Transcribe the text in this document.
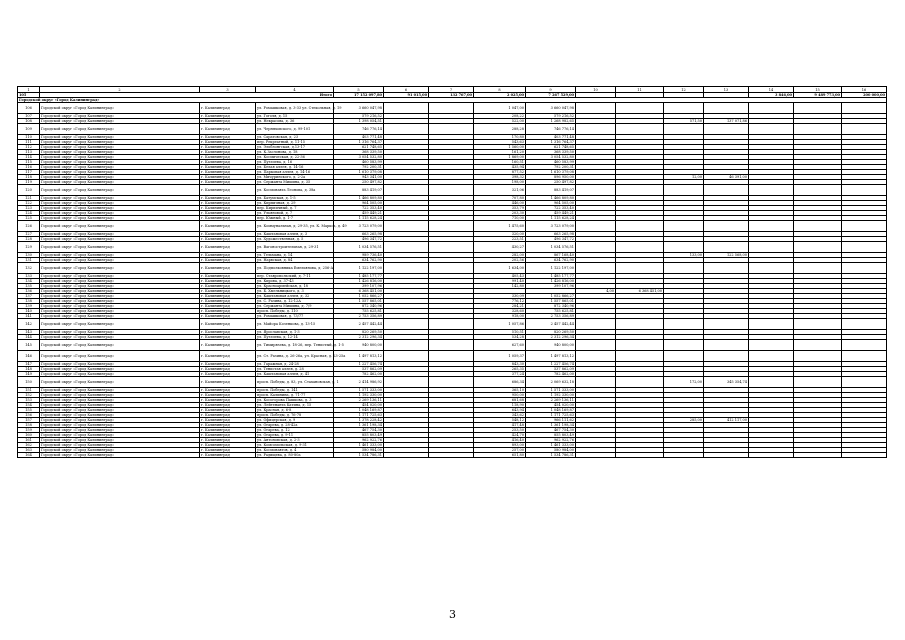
1	2	3	4	5	6	7	8	9	10	11	12	13	14	15	16
105	Итого			17 152 097,80	91 015,00	132 767,00	2 025,00	7 267 529,00					3 846,00	9 489 773,00	200 000,00
Городской округ «Город Калининград»															
106	Городской округ «Город Калининград»	г. Калининград	ул. Ромашковая, д. 3-33 ул. Стекольная, д. 19	3 660 047,98			1 047,00	3 660 047,98							
107	Городской округ «Город Калининград»	г. Калининград	ул. Гоголя, д. 15	579 216,52			208,22	579 216,52							
108	Городской округ «Город Калининград»	г. Калининград	ул. Некрасова, д. 36	1 398 054,51			522,00	1 268 982,65			571,50	137 071,86			
109	Городской округ «Город Калининград»	г. Калининград	ул. Черняховского, д. 99-101	746 776,14			288,28	746 776,14							
110	Городской округ «Город Калининград»	г. Калининград	ул. Саратовская, д. 23	403 771,48			170,80	403 771,48							
111	Городской округ «Город Калининград»	г. Калининград	пер. Рекреатный, д. 11-15	1 316 764,37			543,63	1 316 764,37							
112	Городской округ «Город Калининград»	г. Калининград	ул. Эльблонгская, д.13-17	621 748,65			1 560,00	621 748,65							
113	Городской округ «Город Калининград»	г. Калининград	ул. К.Заслонова, д. 18	368 339,50			161,20	368 339,50							
114	Городской округ «Город Калининград»	г. Калининград	ул. Космическая, д. 22-36	3 054 532,80			1 869,00	3 054 532,80							
115	Городской округ «Город Калининград»	г. Калининград	ул. Пугачева, д. 16	460 583,99			160,51	460 583,99							
116	Городской округ «Город Калининград»	г. Калининград	ул. Белая аллея, д. 14-16	792 200,31			435,94	792 200,31							
117	Городской округ «Город Калининград»	г. Калининград	ул. Парковая аллея, д. 14-16	1 610 379,08			877,52	1 610 379,08							
118	Городской округ «Город Калининград»	г. Калининград	ул. Мичуринского, д. 2-2а	943 341,00			398,32	896 950,00			12,00	46 391,00			
119	Городской округ «Город Калининград»	г. Калининград	ул. Сержанта Мишина, д. 35	250 497,82			198,00	250 497,82							
120	Городской округ «Город Калининград»	г. Калининград	ул. Космонавта Леонова, д. 38а	883 419,07			321,06	883 419,07							
121	Городской округ «Город Калининград»	г. Калининград	ул. Батумская, д. 1-5	1 466 809,80			707,80	1 466 809,80							
122	Городской округ «Город Калининград»	г. Калининград	ул. Кирпичная, д. 29	964 505,00			446,00	964 505,00							
123	Городской округ «Город Калининград»	г. Калининград	пер. Кирпичный, д. 7	722 353,40			353,79	722 353,40							
124	Городской округ «Город Калининград»	г. Калининград	ул. Ульяновой, д. 7	459 449,21			203,30	459 449,21							
125	Городской округ «Город Калининград»	г. Калининград	пер. Южный, д. 1-7	1 115 628,24			710,00	1 115 628,24							
126	Городской округ «Город Калининград»	г. Калининград	ул. Коммунальная, д. 29-35, ул. К. Маркса, д. 49	3 723 079,00			1 475,60	3 723 079,00							
127	Городской округ «Город Калининград»	г. Калининград	ул. Каштановая аллея, д. 3	663 265,98			320,00	663 265,98							
128	Городской округ «Город Калининград»	г. Калининград	ул. Художественная, д. 5	496 347,72			223,51	496 347,72							
129	Городской округ «Город Калининград»	г. Калининград	ул. Вагоностроительная, д. 29-31	1 034 576,51			430,27	1 034 576,51							
130	Городской округ «Город Калининград»	г. Калининград	ул. Тельмана, д. 14	989 736,40			282,00	867 168,40			133,00	122 568,00			
131	Городской округ «Город Калининград»	г. Калининград	ул. Нарвская, д. 84	634 762,90			202,56	634 762,90							
132	Городской округ «Город Калининград»	г. Калининград	ул. Подполковника Емельянова, д. 256-А	1 122 197,00			1 634,00	1 122 197,00							
133	Городской округ «Город Калининград»	г. Калининград	пер. Ставропольский, д. 7-11	1 485 177,77			405,43	1 485 177,77							
134	Городской округ «Город Калининград»	г. Калининград	ул. Кирова, д. 37-43	1 426 816,00			991,40	1 426 816,00							
135	Городской округ «Город Калининград»	г. Калининград	ул. Красноармейская, д. 18	399 107,96			142,80	399 107,96							
136	Городской округ «Город Калининград»	г. Калининград	ул. Б. Хмельницкого, д. 3	6 368 451,00					4,00	6 368 451,00					
137	Городской округ «Город Калининград»	г. Калининград	ул. Каштановая аллея, д. 32	1 052 866,27			330,09	1 052 866,27							
138	Городской округ «Город Калининград»	г. Калининград	ул. С. Разина, д. 12-12А	1 557 865,01			776,12	1 557 865,01							
139	Городской округ «Город Калининград»	г. Калининград	ул. Сержанта Мишина, д. 7/9	872 340,96			284,21	872 340,96							
140	Городской округ «Город Калининград»	г. Калининград	просп. Победы, д. 110	755 625,81			328,60	755 625,81							
141	Городской округ «Город Калининград»	г. Калининград	ул. Ромашковая, д. 73/77	2 753 356,89			918,00	2 753 356,89							
142	Городской округ «Город Калининград»	г. Калининград	ул. Майора Козенкова, д. 13-15	2 457 442,44			1 057,86	2 457 442,44							
143	Городской округ «Город Калининград»	г. Калининград	ул. Ярославская, д. 1-3	820 269,50			510,51	820 269,50							
144	Городской округ «Город Калининград»	г. Калининград	ул. Пугачева, д. 12-14	2 312 296,34			534,28	2 312 296,34							
145	Городской округ «Город Калининград»	г. Калининград	ул. Тимирязева, д. 18-26, пер. Тенистый, д. 1-5	940 800,00			627,60	940 800,00							
146	Городской округ «Город Калининград»	г. Калининград	ул. Ст. Разина, д. 26-26а, ул. Красная, д. 23-25а	1 497 813,12			1 059,37	1 497 813,12							
147	Городской округ «Город Калининград»	г. Калининград	ул. Гаражная, д. 24-28	1 227 456,74			843,30	1 227 456,74							
148	Городской округ «Город Калининград»	г. Калининград	ул. Тенистая аллея, д. 28	537 862,09			265,35	537 862,09							
149	Городской округ «Город Калининград»	г. Калининград	ул. Каштановая аллея, д. 41	782 462,00			377,24	782 462,00							
150	Городской округ «Город Калининград»	г. Калининград	просп. Победы, д. 83, ул. Стахановская, д. 1	2 414 986,92			686,34	2 069 632,18			172,00	345 354,74			
151	Городской округ «Город Калининград»	г. Калининград	просп. Победы, д. 141	1 571 333,00			365,10	1 571 333,00							
152	Городской округ «Город Калининград»	г. Калининград	просп. Калинина, д. 71-77	1 192 330,00			950,00	1 192 330,00							
153	Городской округ «Город Калининград»	г. Калининград	ул. Косогорова Пашкова, д. 3	2 269 136,11			681,68	2 269 136,11							
154	Городской округ «Город Калининград»	г. Калининград	ул. Лейтенанта Катина, д. 15	454 020,00			118,90	454 020,00							
155	Городской округ «Город Калининград»	г. Калининград	ул. Красная, д. 6-8	1 048 169,87			643,94	1 048 169,87							
156	Городской округ «Город Калининград»	г. Калининград	просп. Победы, д. 76-78	1 171 725,63			343,62	1 171 725,63							
157	Городской округ «Город Калининград»	г. Калининград	ул. Офицерская, д. 9	1 378 228,42			548,12	966 111,62			285,00	412 117,00			
158	Городской округ «Город Калининград»	г. Калининград	ул. Огарева, д. 28-42а	1 361 198,34			417,48	1 361 198,34							
159	Городской округ «Город Калининград»	г. Калининград	ул. Огарева, д. 12	467 754,30			253,50	467 754,30							
160	Городской округ «Город Калининград»	г. Калининград	ул. Огарева, д. 9-11	855 803,49			424,70	855 803,49							
161	Городской округ «Город Калининград»	г. Калининград	ул. Антоновская, д. 2-3	962 922,76			416,40	962 922,76							
162	Городской округ «Город Калининград»	г. Калининград	ул. Комсомольская, д. 9-31	1 461 333,00			893,00	1 461 333,00							
163	Городской округ «Город Калининград»	г. Калининград	ул. Космонавтов, д. 4	580 984,00			257,00	580 984,00							
164	Городской округ «Город Калининград»	г. Калининград	ул. Радищева, д. 80-80а	1 534 786,31			651,80	1 534 786,31							
3
